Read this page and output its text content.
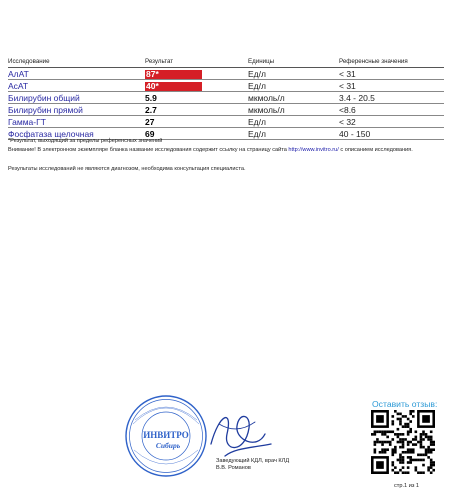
Исследование	Результат	Единицы	Референсные значения
АлАТ	87*	Ед/л	< 31
АсАТ	40*	Ед/л	< 31
Билирубин общий	5.9	мкмоль/л	3.4 - 20.5
Билирубин прямой	2.7	мкмоль/л	<8.6
Гамма-ГТ	27	Ед/л	< 32
Фосфатаза щелочная	69	Ед/л	40 - 150
*Результат, выходящий за пределы референсных значений
Внимание! В электронном экземпляре бланка название исследования содержит ссылку на страницу сайта http://www.invitro.ru/ с описанием исследования.
Результаты исследований не являются диагнозом, необходима консультация специалиста.
ИНВИТРО
Сибирь
Заведующий КДЛ, врач КЛД
В.В. Романов
Оставить отзыв:
стр.1 из 1
